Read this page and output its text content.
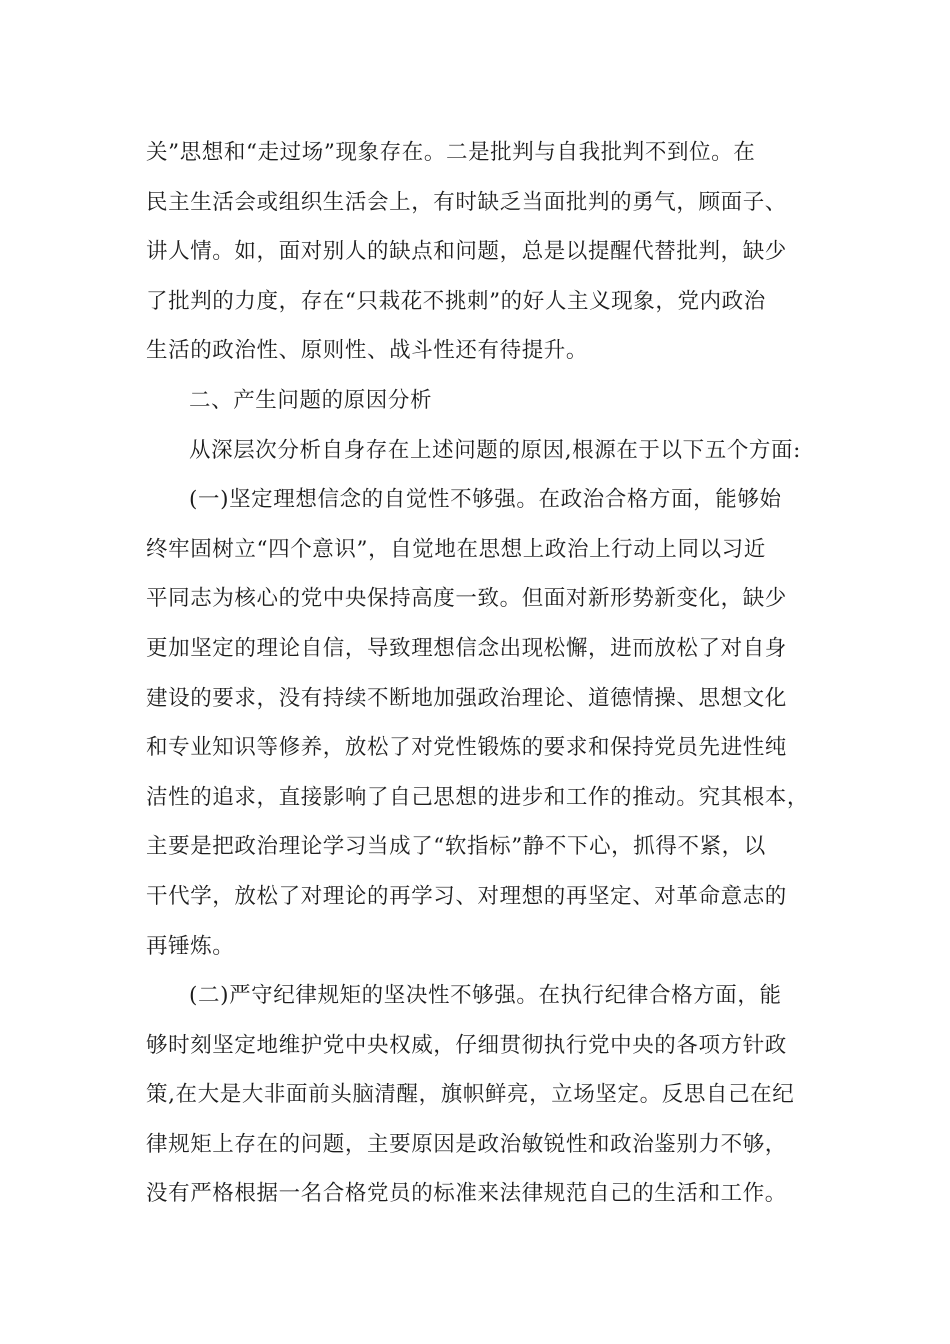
关”思想和“走过场”现象存在。二是批判与自我批判不到位。在
民主生活会或组织生活会上，有时缺乏当面批判的勇气，顾面子、
讲人情。如，面对别人的缺点和问题，总是以提醒代替批判，缺少
了批判的力度，存在“只栽花不挑刺”的好人主义现象，党内政治
生活的政治性、原则性、战斗性还有待提升。
二、产生问题的原因分析
从深层次分析自身存在上述问题的原因,根源在于以下五个方面:
(一)坚定理想信念的自觉性不够强。在政治合格方面，能够始
终牢固树立“四个意识”，自觉地在思想上政治上行动上同以习近
平同志为核心的党中央保持高度一致。但面对新形势新变化，缺少
更加坚定的理论自信，导致理想信念出现松懈，进而放松了对自身
建设的要求，没有持续不断地加强政治理论、道德情操、思想文化
和专业知识等修养，放松了对党性锻炼的要求和保持党员先进性纯
洁性的追求，直接影响了自己思想的进步和工作的推动。究其根本，
主要是把政治理论学习当成了“软指标”静不下心，抓得不紧，以
干代学，放松了对理论的再学习、对理想的再坚定、对革命意志的
再锤炼。
(二)严守纪律规矩的坚决性不够强。在执行纪律合格方面，能
够时刻坚定地维护党中央权威，仔细贯彻执行党中央的各项方针政
策,在大是大非面前头脑清醒，旗帜鲜亮，立场坚定。反思自己在纪
律规矩上存在的问题，主要原因是政治敏锐性和政治鉴别力不够，
没有严格根据一名合格党员的标准来法律规范自己的生活和工作。
